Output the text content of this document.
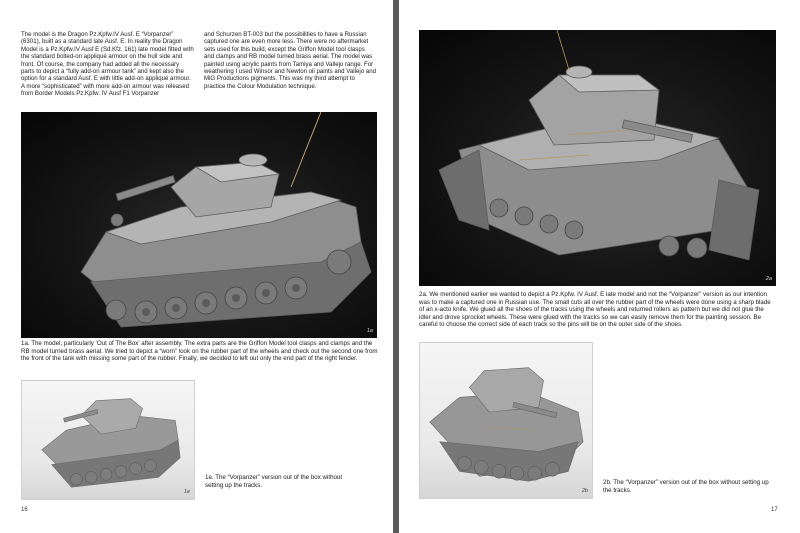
The model is the Dragon Pz.Kpfw.IV Ausf. E “Vorpanzer” (6301), built as a standard late Ausf. E. In reality the Dragon Model is a Pz.Kpfw.IV Ausf E (Sd.Kfz. 161) late model fitted with the standard bolted-on appliqué armour on the hull side and front. Of course, the company had added all the necessary parts to depict a “fully add-on armour tank” and kept also the option for a standard Ausf. E with little add-on appliqué armour. A more “sophisticated” with more add-on armour was released from Border Models Pz.Kpfw. IV Ausf F1 Vorpanzer

and Schurzen BT-003 but the possibilities to have a Russian captured one are even more less. There were no aftermarket sets used for this build, except the Griffon Model tool clasps and clamps and RB model turned brass aerial. The model was painted using acrylic paints from Tamiya and Vallejo range. For weathering I used Winsor and Newton oil paints and Vallejo and MiG Productions pigments. This was my third attempt to practice the Colour Modulation technique.

1a

1a. The model, particularly ‘Out of The Box’ after assembly. The extra parts are the Griffon Model tool clasps and clamps and the RB model turned brass aerial. We tried to depict a “worn” look on the rubber part of the wheels and check out the second one from the front of the tank with missing some part of the rubber. Finally, we decided to left out only the end part of the right fender.

1e

1e. The “Vorpanzer” version out of the box without setting up the tracks.

16
2a

2a. We mentioned earlier we wanted to depict a Pz.Kpfw. IV Ausf. E late model and not the “Vorpanzer” version as our intention was to make a captured one in Russian use. The small cuts all over the rubber part of the wheels were done using a sharp blade of an x-acto knife. We glued all the shoes of the tracks using the wheels and returned rollers as pattern but we did not glue the idler and drove sprocket wheels. These were glued with the tracks so we can easily remove them for the painting session. Be careful to choose the correct side of each track so the pins will be on the outer side of the shoes.

2b

2b. The “Vorpanzer” version out of the box without setting up the tracks.

17
